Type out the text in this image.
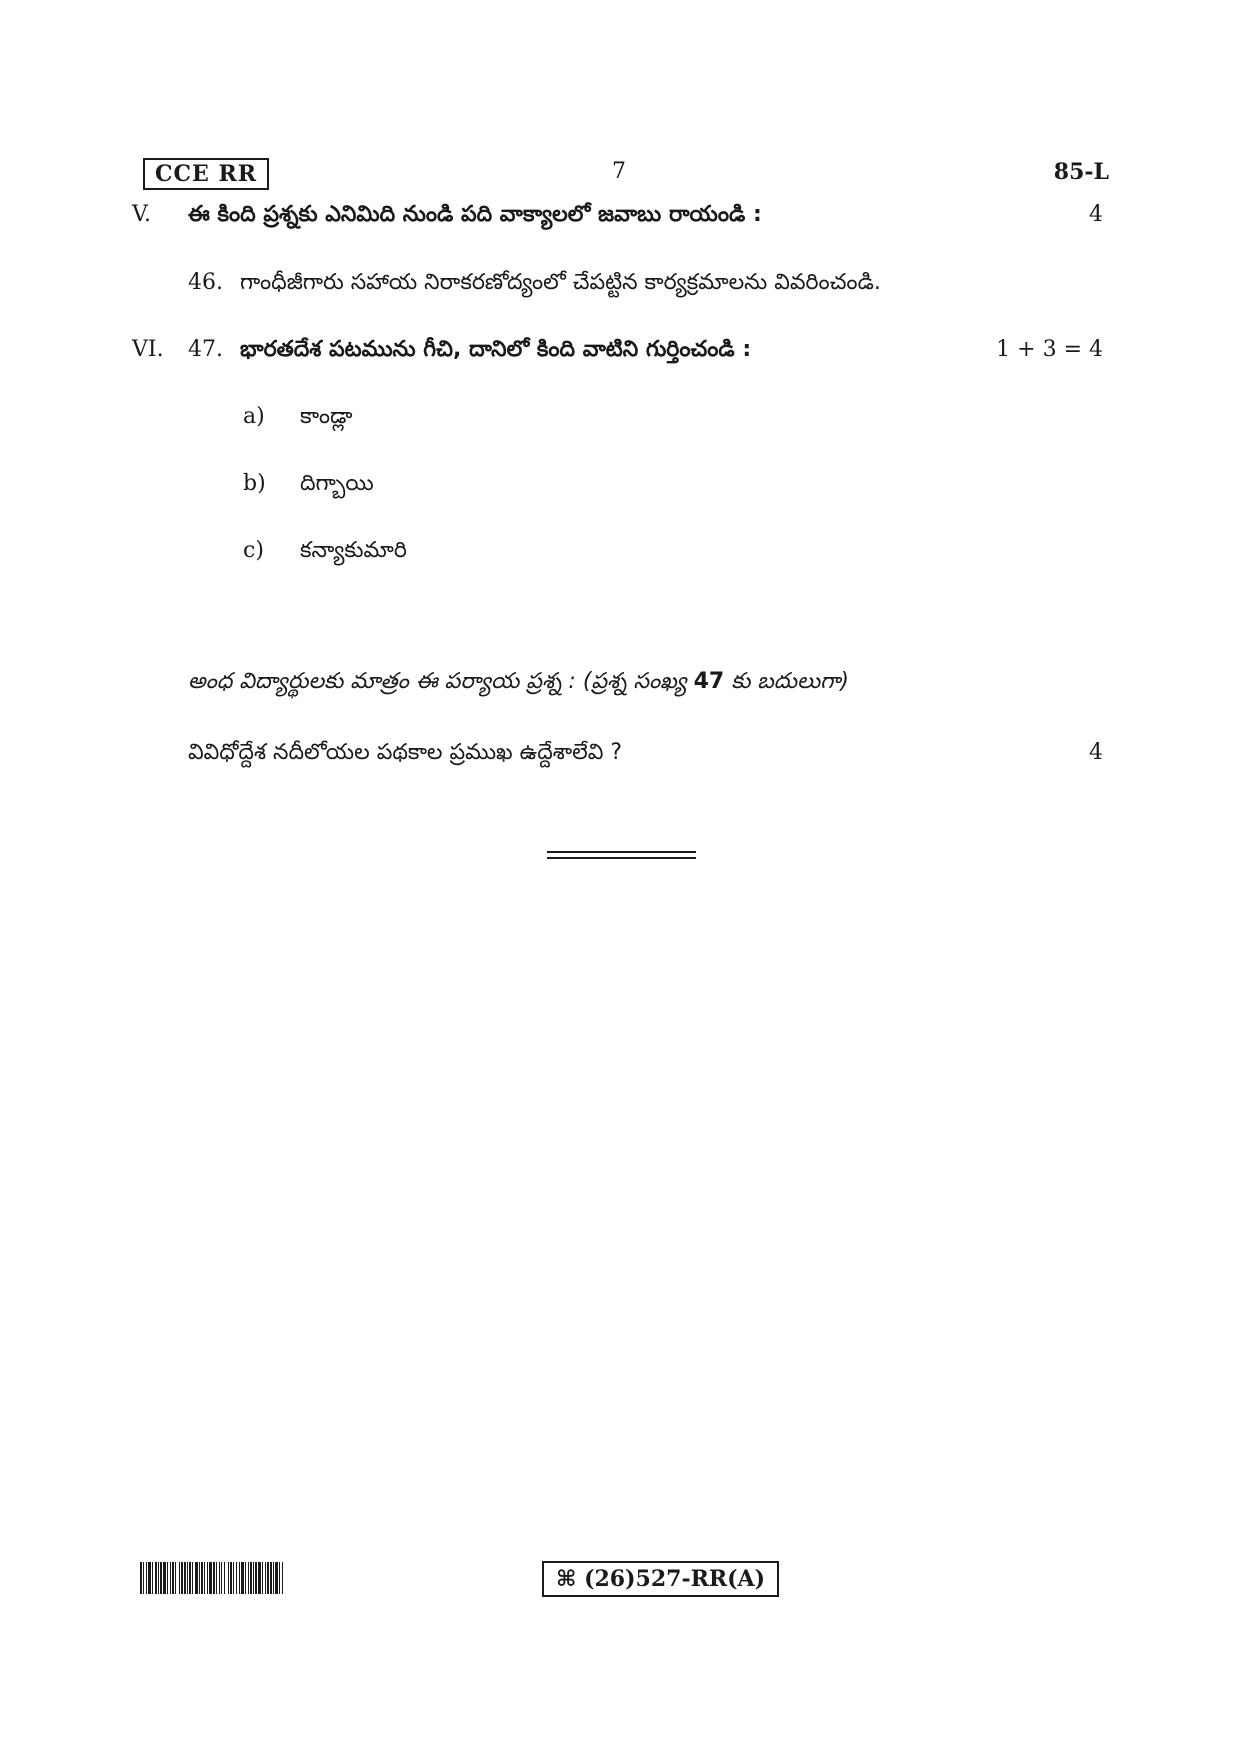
CCE RR	7	85-L
V. ఈ కింది ప్రశ్నకు ఎనిమిది నుండి పది వాక్యాలలో జవాబు రాయండి :	4
46. గాంధీజీగారు సహాయ నిరాకరణోద్యంలో చేపట్టిన కార్యక్రమాలను వివరించండి.
VI. 47. భారతదేశ పటమును గీచి, దానిలో కింది వాటిని గుర్తించండి :	1 + 3 = 4
a) కాండ్లా
b) దిగ్బాయి
c) కన్యాకుమారి
అంధ విద్యార్థులకు మాత్రం ఈ పర్యాయ ప్రశ్న : (ప్రశ్న సంఖ్య 47 కు బదులుగా)
వివిధోద్దేశ నదీలోయల పథకాల ప్రముఖ ఉద్దేశాలేవి ?	4
⌘ (26)527-RR(A)
